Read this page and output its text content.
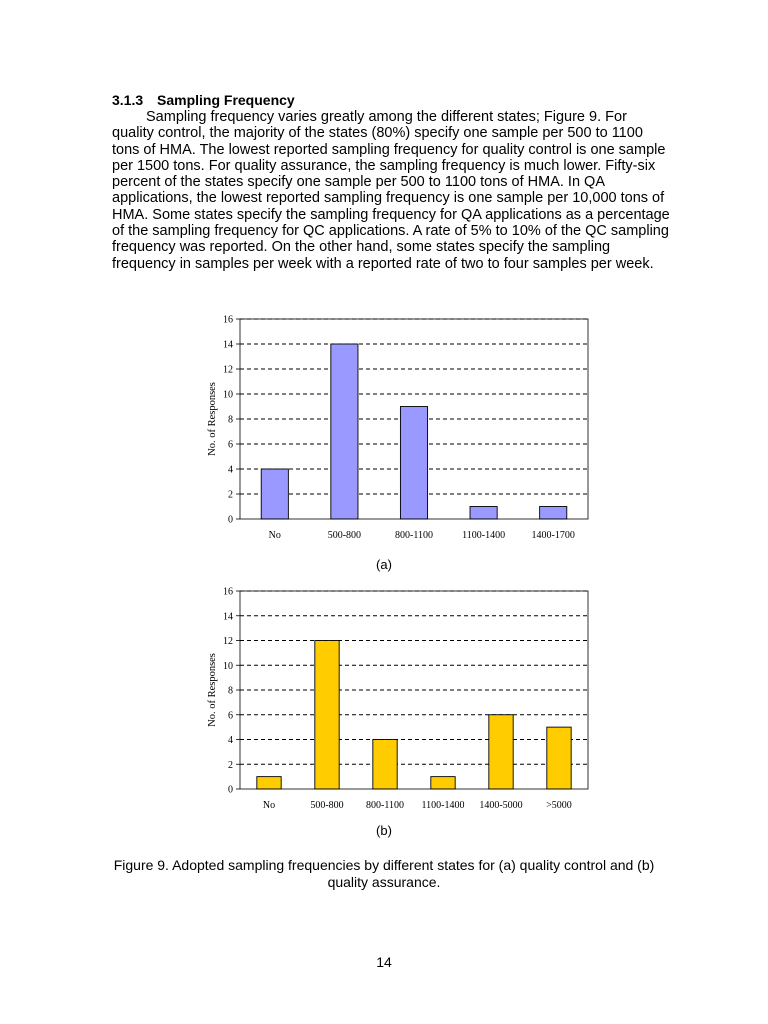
3.1.3 Sampling Frequency

Sampling frequency varies greatly among the different states; Figure 9. For quality control, the majority of the states (80%) specify one sample per 500 to 1100 tons of HMA. The lowest reported sampling frequency for quality control is one sample per 1500 tons. For quality assurance, the sampling frequency is much lower. Fifty-six percent of the states specify one sample per 500 to 1100 tons of HMA. In QA applications, the lowest reported sampling frequency is one sample per 10,000 tons of HMA. Some states specify the sampling frequency for QA applications as a percentage of the sampling frequency for QC applications. A rate of 5% to 10% of the QC sampling frequency was reported. On the other hand, some states specify the sampling frequency in samples per week with a reported rate of two to four samples per week.

0
2
4
6
8
10
12
14
16
No	500-800	800-1100	1100-1400	1400-1700
No. of Responses
(a)
0
2
4
6
8
10
12
14
16
No	500-800 800-1100 1100-1400 1400-5000 >5000
No. of Responses
(b)
Figure 9. Adopted sampling frequencies by different states for (a) quality control and (b) quality assurance.
14
